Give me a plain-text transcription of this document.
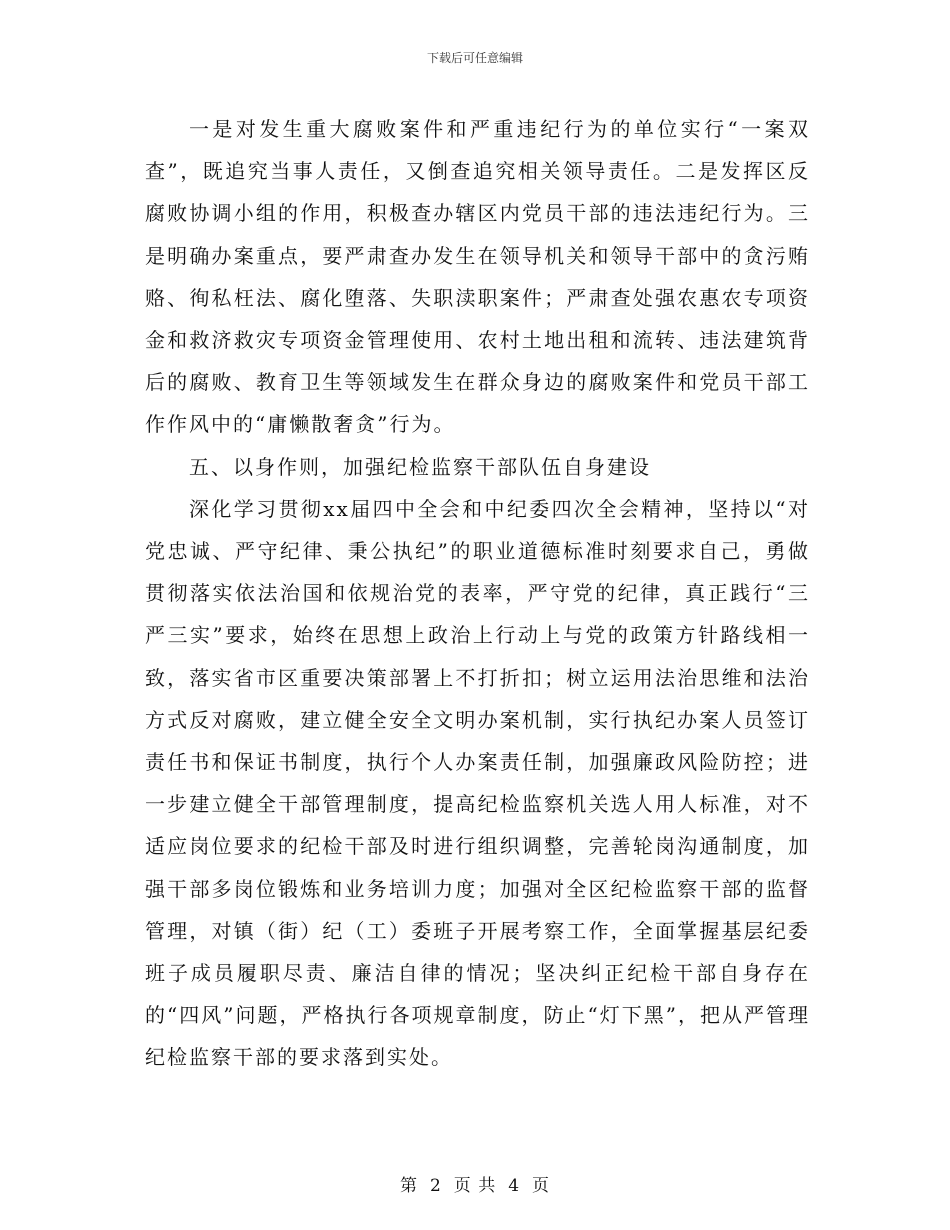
下载后可任意编辑

一是对发生重大腐败案件和严重违纪行为的单位实行“一案双查”，既追究当事人责任，又倒查追究相关领导责任。二是发挥区反腐败协调小组的作用，积极查办辖区内党员干部的违法违纪行为。三是明确办案重点，要严肃查办发生在领导机关和领导干部中的贪污贿赂、徇私枉法、腐化堕落、失职渎职案件；严肃查处强农惠农专项资金和救济救灾专项资金管理使用、农村土地出租和流转、违法建筑背后的腐败、教育卫生等领域发生在群众身边的腐败案件和党员干部工作作风中的“庸懒散奢贪”行为。

五、以身作则，加强纪检监察干部队伍自身建设

深化学习贯彻xx届四中全会和中纪委四次全会精神，坚持以“对党忠诚、严守纪律、秉公执纪”的职业道德标准时刻要求自己，勇做贯彻落实依法治国和依规治党的表率，严守党的纪律，真正践行“三严三实”要求，始终在思想上政治上行动上与党的政策方针路线相一致，落实省市区重要决策部署上不打折扣；树立运用法治思维和法治方式反对腐败，建立健全安全文明办案机制，实行执纪办案人员签订责任书和保证书制度，执行个人办案责任制，加强廉政风险防控；进一步建立健全干部管理制度，提高纪检监察机关选人用人标准，对不适应岗位要求的纪检干部及时进行组织调整，完善轮岗沟通制度，加强干部多岗位锻炼和业务培训力度；加强对全区纪检监察干部的监督管理，对镇（街）纪（工）委班子开展考察工作，全面掌握基层纪委班子成员履职尽责、廉洁自律的情况；坚决纠正纪检干部自身存在的“四风”问题，严格执行各项规章制度，防止“灯下黑”，把从严管理纪检监察干部的要求落到实处。

第 2 页 共 4 页
